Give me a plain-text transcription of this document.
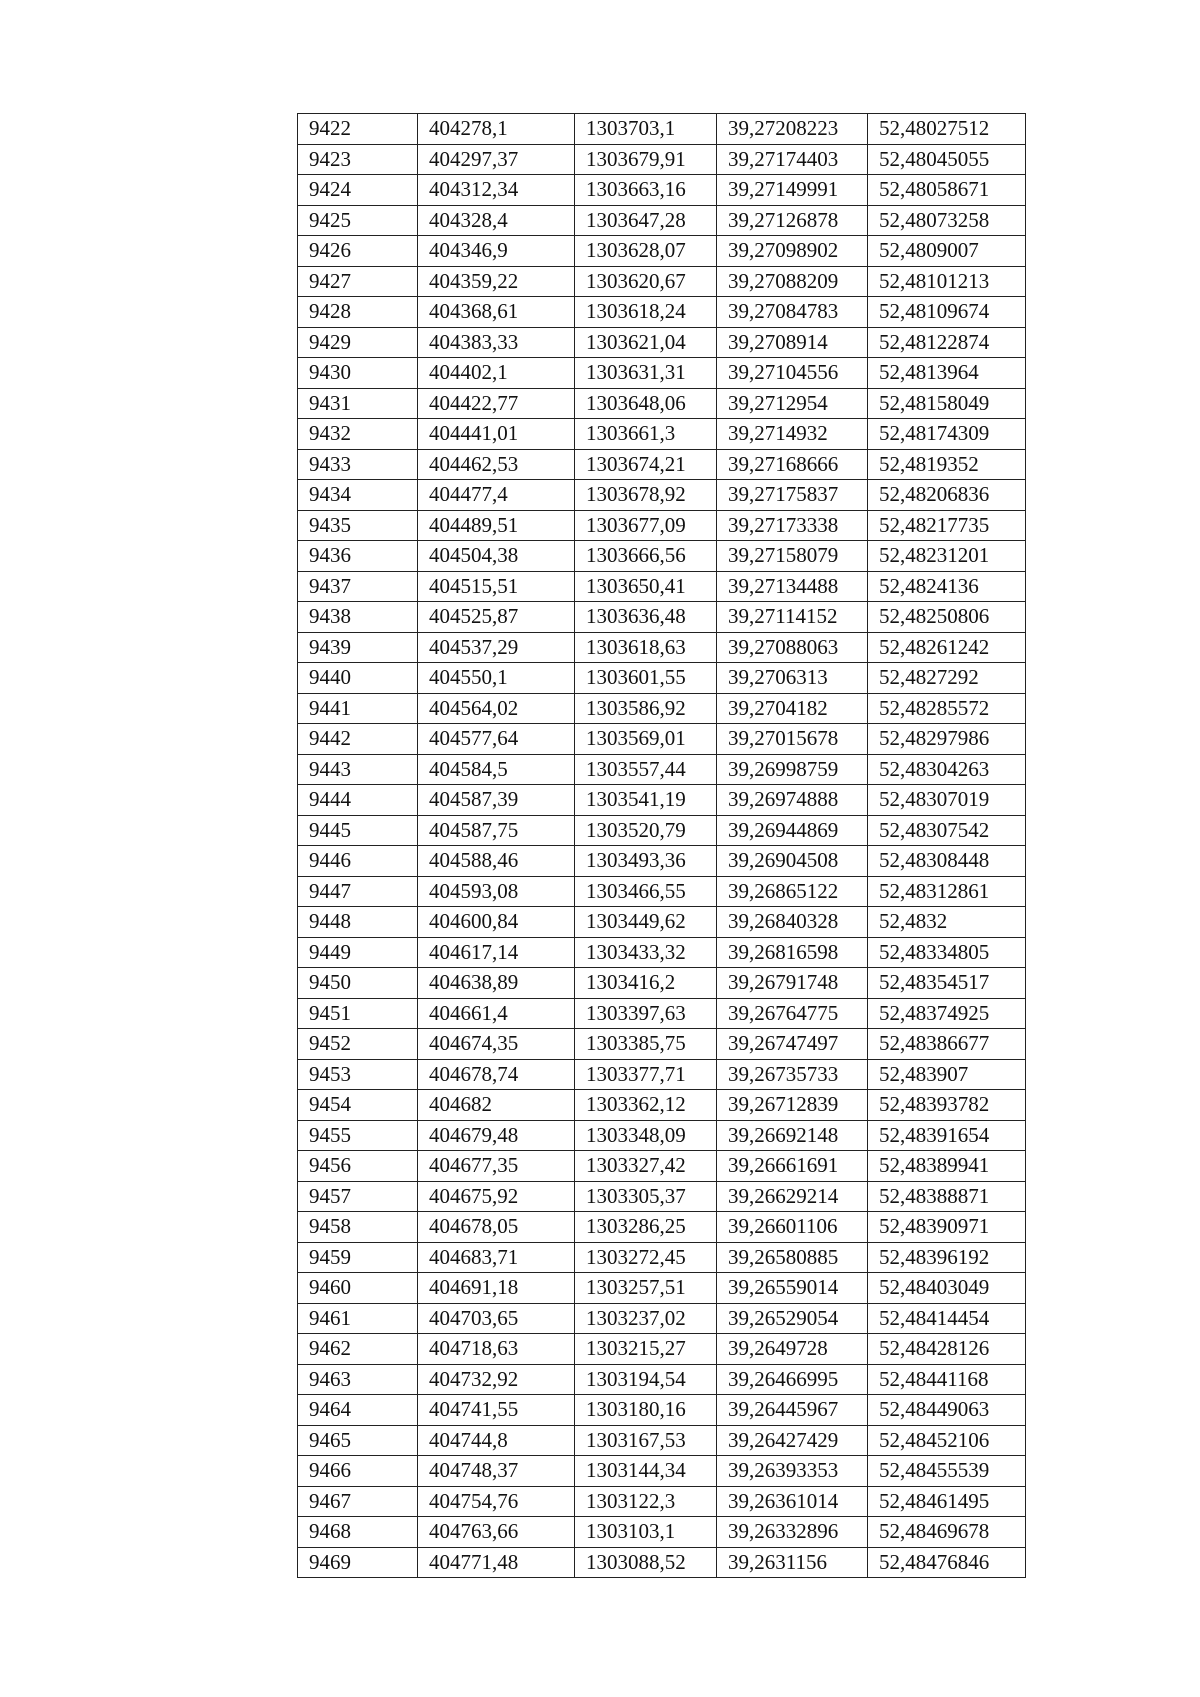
9422	404278,1	1303703,1	39,27208223	52,48027512
9423	404297,37	1303679,91	39,27174403	52,48045055
9424	404312,34	1303663,16	39,27149991	52,48058671
9425	404328,4	1303647,28	39,27126878	52,48073258
9426	404346,9	1303628,07	39,27098902	52,4809007
9427	404359,22	1303620,67	39,27088209	52,48101213
9428	404368,61	1303618,24	39,27084783	52,48109674
9429	404383,33	1303621,04	39,2708914	52,48122874
9430	404402,1	1303631,31	39,27104556	52,4813964
9431	404422,77	1303648,06	39,2712954	52,48158049
9432	404441,01	1303661,3	39,2714932	52,48174309
9433	404462,53	1303674,21	39,27168666	52,4819352
9434	404477,4	1303678,92	39,27175837	52,48206836
9435	404489,51	1303677,09	39,27173338	52,48217735
9436	404504,38	1303666,56	39,27158079	52,48231201
9437	404515,51	1303650,41	39,27134488	52,4824136
9438	404525,87	1303636,48	39,27114152	52,48250806
9439	404537,29	1303618,63	39,27088063	52,48261242
9440	404550,1	1303601,55	39,2706313	52,4827292
9441	404564,02	1303586,92	39,2704182	52,48285572
9442	404577,64	1303569,01	39,27015678	52,48297986
9443	404584,5	1303557,44	39,26998759	52,48304263
9444	404587,39	1303541,19	39,26974888	52,48307019
9445	404587,75	1303520,79	39,26944869	52,48307542
9446	404588,46	1303493,36	39,26904508	52,48308448
9447	404593,08	1303466,55	39,26865122	52,48312861
9448	404600,84	1303449,62	39,26840328	52,4832
9449	404617,14	1303433,32	39,26816598	52,48334805
9450	404638,89	1303416,2	39,26791748	52,48354517
9451	404661,4	1303397,63	39,26764775	52,48374925
9452	404674,35	1303385,75	39,26747497	52,48386677
9453	404678,74	1303377,71	39,26735733	52,483907
9454	404682	1303362,12	39,26712839	52,48393782
9455	404679,48	1303348,09	39,26692148	52,48391654
9456	404677,35	1303327,42	39,26661691	52,48389941
9457	404675,92	1303305,37	39,26629214	52,48388871
9458	404678,05	1303286,25	39,26601106	52,48390971
9459	404683,71	1303272,45	39,26580885	52,48396192
9460	404691,18	1303257,51	39,26559014	52,48403049
9461	404703,65	1303237,02	39,26529054	52,48414454
9462	404718,63	1303215,27	39,2649728	52,48428126
9463	404732,92	1303194,54	39,26466995	52,48441168
9464	404741,55	1303180,16	39,26445967	52,48449063
9465	404744,8	1303167,53	39,26427429	52,48452106
9466	404748,37	1303144,34	39,26393353	52,48455539
9467	404754,76	1303122,3	39,26361014	52,48461495
9468	404763,66	1303103,1	39,26332896	52,48469678
9469	404771,48	1303088,52	39,2631156	52,48476846
